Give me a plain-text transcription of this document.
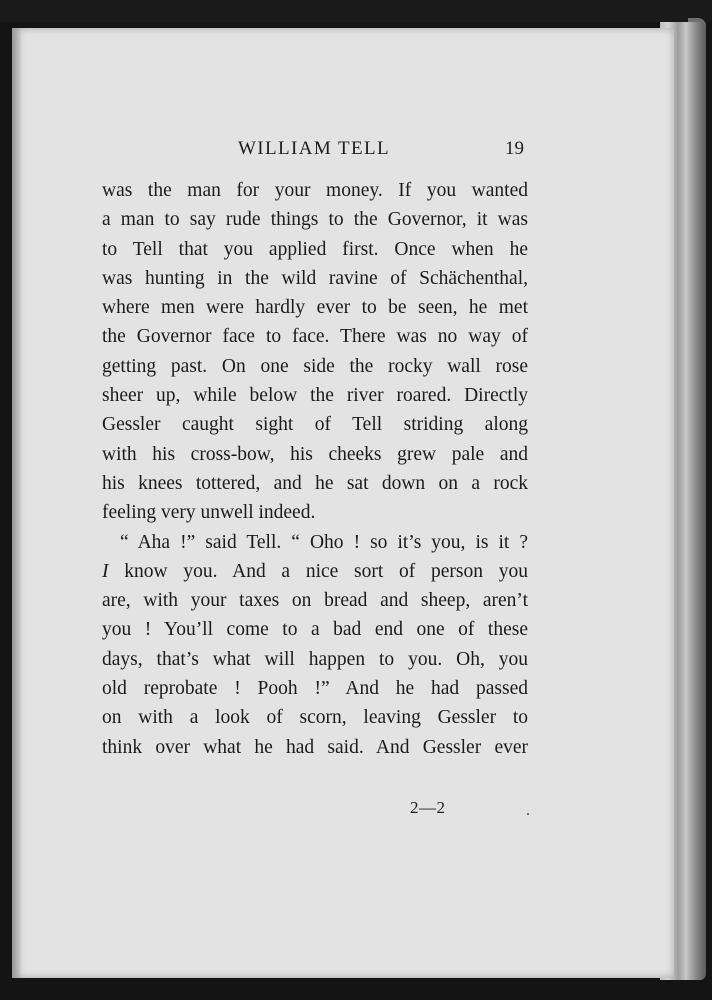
WILLIAM TELL	19
was the man for your money. If you wanted
a man to say rude things to the Governor, it was
to Tell that you applied first. Once when he
was hunting in the wild ravine of Schächenthal,
where men were hardly ever to be seen, he met
the Governor face to face. There was no way of
getting past. On one side the rocky wall rose
sheer up, while below the river roared. Directly
Gessler caught sight of Tell striding along
with his cross-bow, his cheeks grew pale and
his knees tottered, and he sat down on a rock
feeling very unwell indeed.
“ Aha !” said Tell. “ Oho ! so it’s you, is it ?
I know you. And a nice sort of person you
are, with your taxes on bread and sheep, aren’t
you ! You’ll come to a bad end one of these
days, that’s what will happen to you. Oh, you
old reprobate ! Pooh !” And he had passed
on with a look of scorn, leaving Gessler to
think over what he had said. And Gessler ever
2—2
